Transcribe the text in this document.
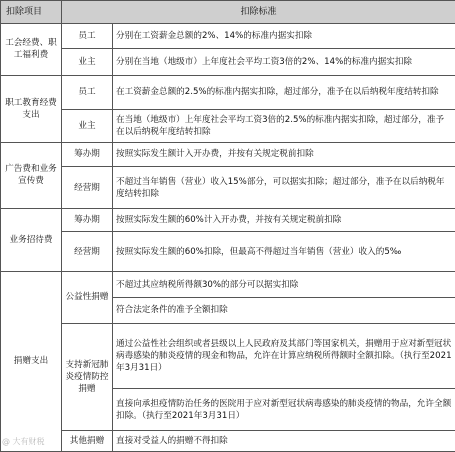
扣除项目	扣除标准	
工会经费、职工福利费	员工	分别在工资薪金总额的2%、14%的标准内据实扣除
	业主	分别在当地（地级市）上年度社会平均工资3倍的2%、14%的标准内据实扣除
职工教育经费支出	员工	在工资薪金总额的2.5%的标准内据实扣除，超过部分，准予在以后纳税年度结转扣除
	业主	在当地（地级市）上年度社会平均工资3倍的2.5%的标准内据实扣除，超过部分，准予在以后纳税年度结转扣除
广告费和业务宣传费	筹办期	按照实际发生额计入开办费，并按有关规定税前扣除
	经营期	不超过当年销售（营业）收入15%部分，可以据实扣除；超过部分，准予在以后纳税年度结转扣除
业务招待费	筹办期	按照实际发生额的60%计入开办费，并按有关规定税前扣除
	经营期	按照实际发生额的60%扣除，但最高不得超过当年销售（营业）收入的5‰
捐赠支出	公益性捐赠	不超过其应纳税所得额30%的部分可以据实扣除
		符合法定条件的准予全额扣除
	支持新冠肺炎疫情防控捐赠	通过公益性社会组织或者县级以上人民政府及其部门等国家机关，捐赠用于应对新型冠状病毒感染的肺炎疫情的现金和物品，允许在计算应纳税所得额时全额扣除。（执行至2021年3月31日）
		直接向承担疫情防治任务的医院用于应对新型冠状病毒感染的肺炎疫情的物品，允许全额扣除。（执行至2021年3月31日）
	其他捐赠	直接对受益人的捐赠不得扣除
@ 大有财税
